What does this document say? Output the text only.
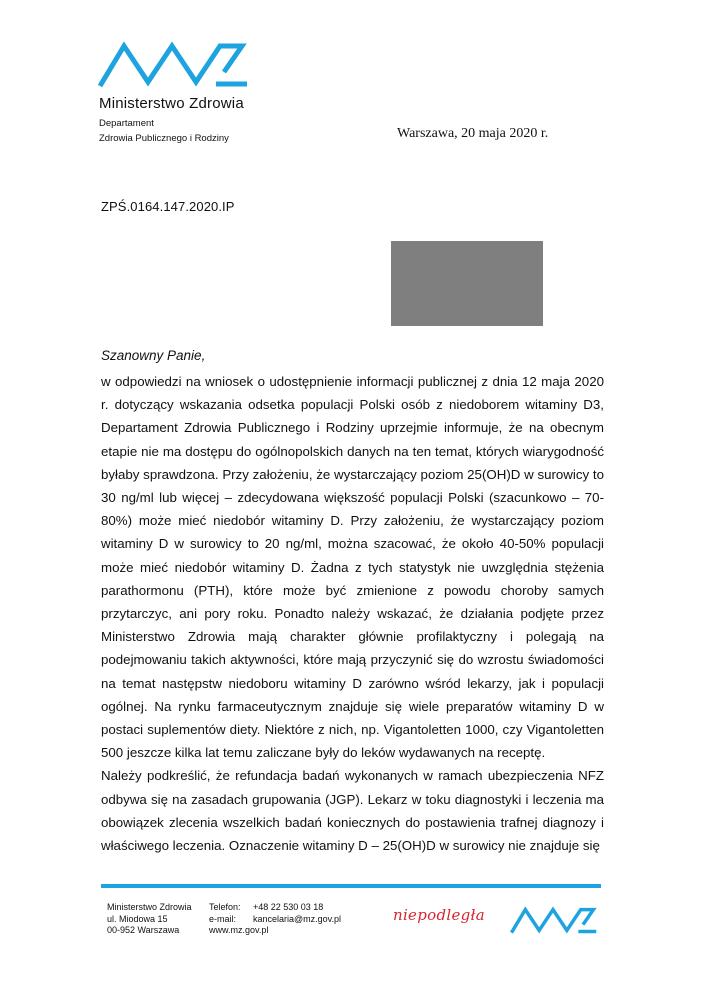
Ministerstwo Zdrowia
Departament
Zdrowia Publicznego i Rodziny	Warszawa, 20 maja 2020 r.
ZPŚ.0164.147.2020.IP
Szanowny Panie,

w odpowiedzi na wniosek o udostępnienie informacji publicznej z dnia 12 maja 2020 r. dotyczący wskazania odsetka populacji Polski osób z niedoborem witaminy D3, Departament Zdrowia Publicznego i Rodziny uprzejmie informuje, że na obecnym etapie nie ma dostępu do ogólnopolskich danych na ten temat, których wiarygodność byłaby sprawdzona. Przy założeniu, że wystarczający poziom 25(OH)D w surowicy to 30 ng/ml lub więcej – zdecydowana większość populacji Polski (szacunkowo – 70-80%) może mieć niedobór witaminy D. Przy założeniu, że wystarczający poziom witaminy D w surowicy to 20 ng/ml, można szacować, że około 40-50% populacji może mieć niedobór witaminy D. Żadna z tych statystyk nie uwzględnia stężenia parathormonu (PTH), które może być zmienione z powodu choroby samych przytarczyc, ani pory roku. Ponadto należy wskazać, że działania podjęte przez Ministerstwo Zdrowia mają charakter głównie profilaktyczny i polegają na podejmowaniu takich aktywności, które mają przyczynić się do wzrostu świadomości na temat następstw niedoboru witaminy D zarówno wśród lekarzy, jak i populacji ogólnej. Na rynku farmaceutycznym znajduje się wiele preparatów witaminy D w postaci suplementów diety. Niektóre z nich, np. Vigantoletten 1000, czy Vigantoletten 500 jeszcze kilka lat temu zaliczane były do leków wydawanych na receptę.

Należy podkreślić, że refundacja badań wykonanych w ramach ubezpieczenia NFZ odbywa się na zasadach grupowania (JGP). Lekarz w toku diagnostyki i leczenia ma obowiązek zlecenia wszelkich badań koniecznych do postawienia trafnej diagnozy i właściwego leczenia. Oznaczenie witaminy D – 25(OH)D w surowicy nie znajduje się

Ministerstwo Zdrowia
ul. Miodowa 15
00-952 Warszawa
Telefon: +48 22 530 03 18
e-mail: kancelaria@mz.gov.pl
www.mz.gov.pl
niepodległa
